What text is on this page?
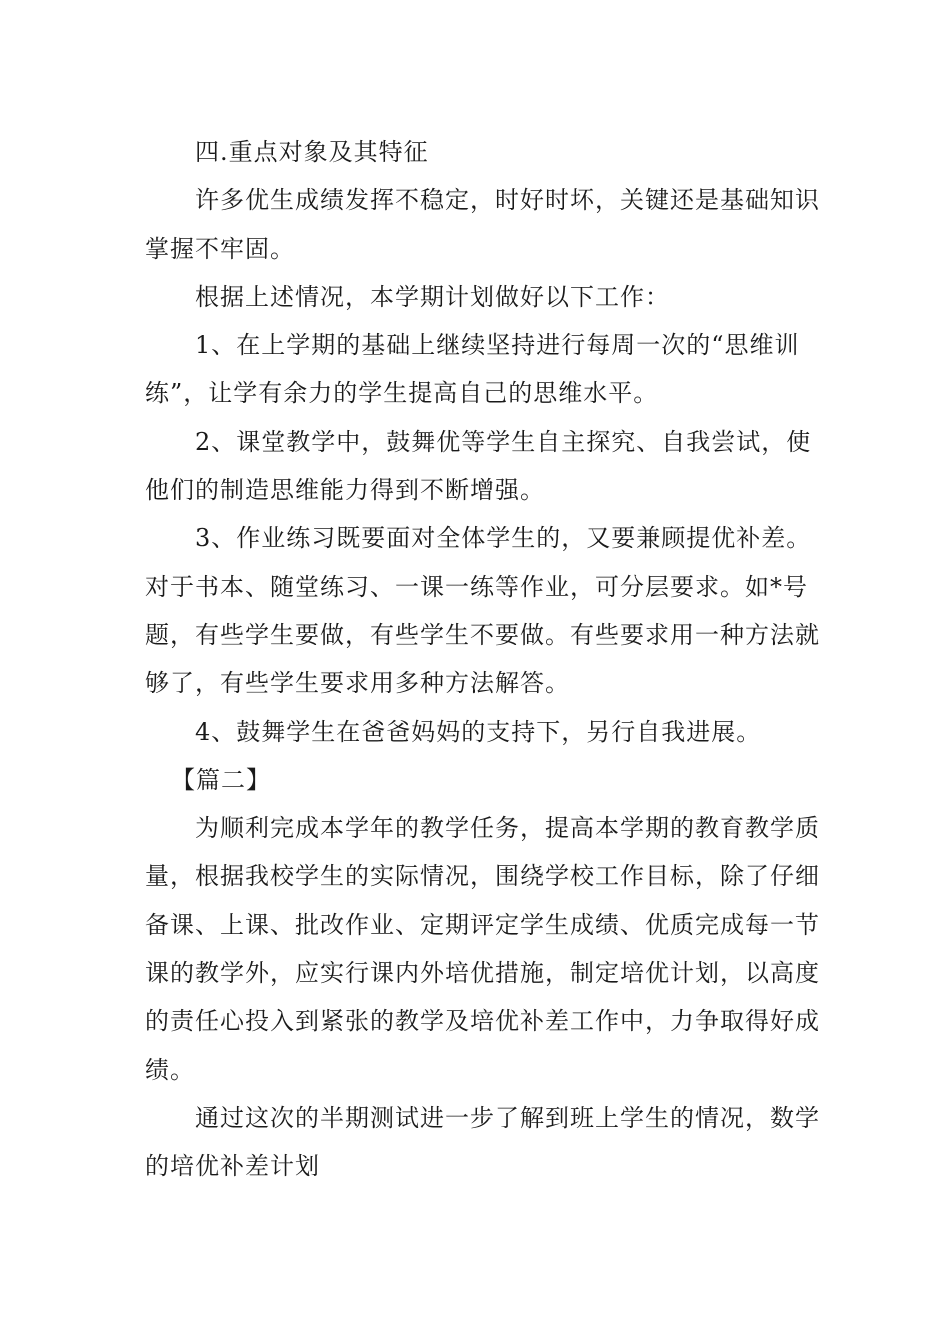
四.重点对象及其特征

许多优生成绩发挥不稳定，时好时坏，关键还是基础知识掌握不牢固。

根据上述情况，本学期计划做好以下工作：

1、在上学期的基础上继续坚持进行每周一次的“思维训练”，让学有余力的学生提高自己的思维水平。

2、课堂教学中，鼓舞优等学生自主探究、自我尝试，使他们的制造思维能力得到不断增强。

3、作业练习既要面对全体学生的，又要兼顾提优补差。对于书本、随堂练习、一课一练等作业，可分层要求。如*号题，有些学生要做，有些学生不要做。有些要求用一种方法就够了，有些学生要求用多种方法解答。

4、鼓舞学生在爸爸妈妈的支持下，另行自我进展。

【篇二】

为顺利完成本学年的教学任务，提高本学期的教育教学质量，根据我校学生的实际情况，围绕学校工作目标，除了仔细备课、上课、批改作业、定期评定学生成绩、优质完成每一节课的教学外，应实行课内外培优措施，制定培优计划，以高度的责任心投入到紧张的教学及培优补差工作中，力争取得好成绩。

通过这次的半期测试进一步了解到班上学生的情况，数学的培优补差计划
